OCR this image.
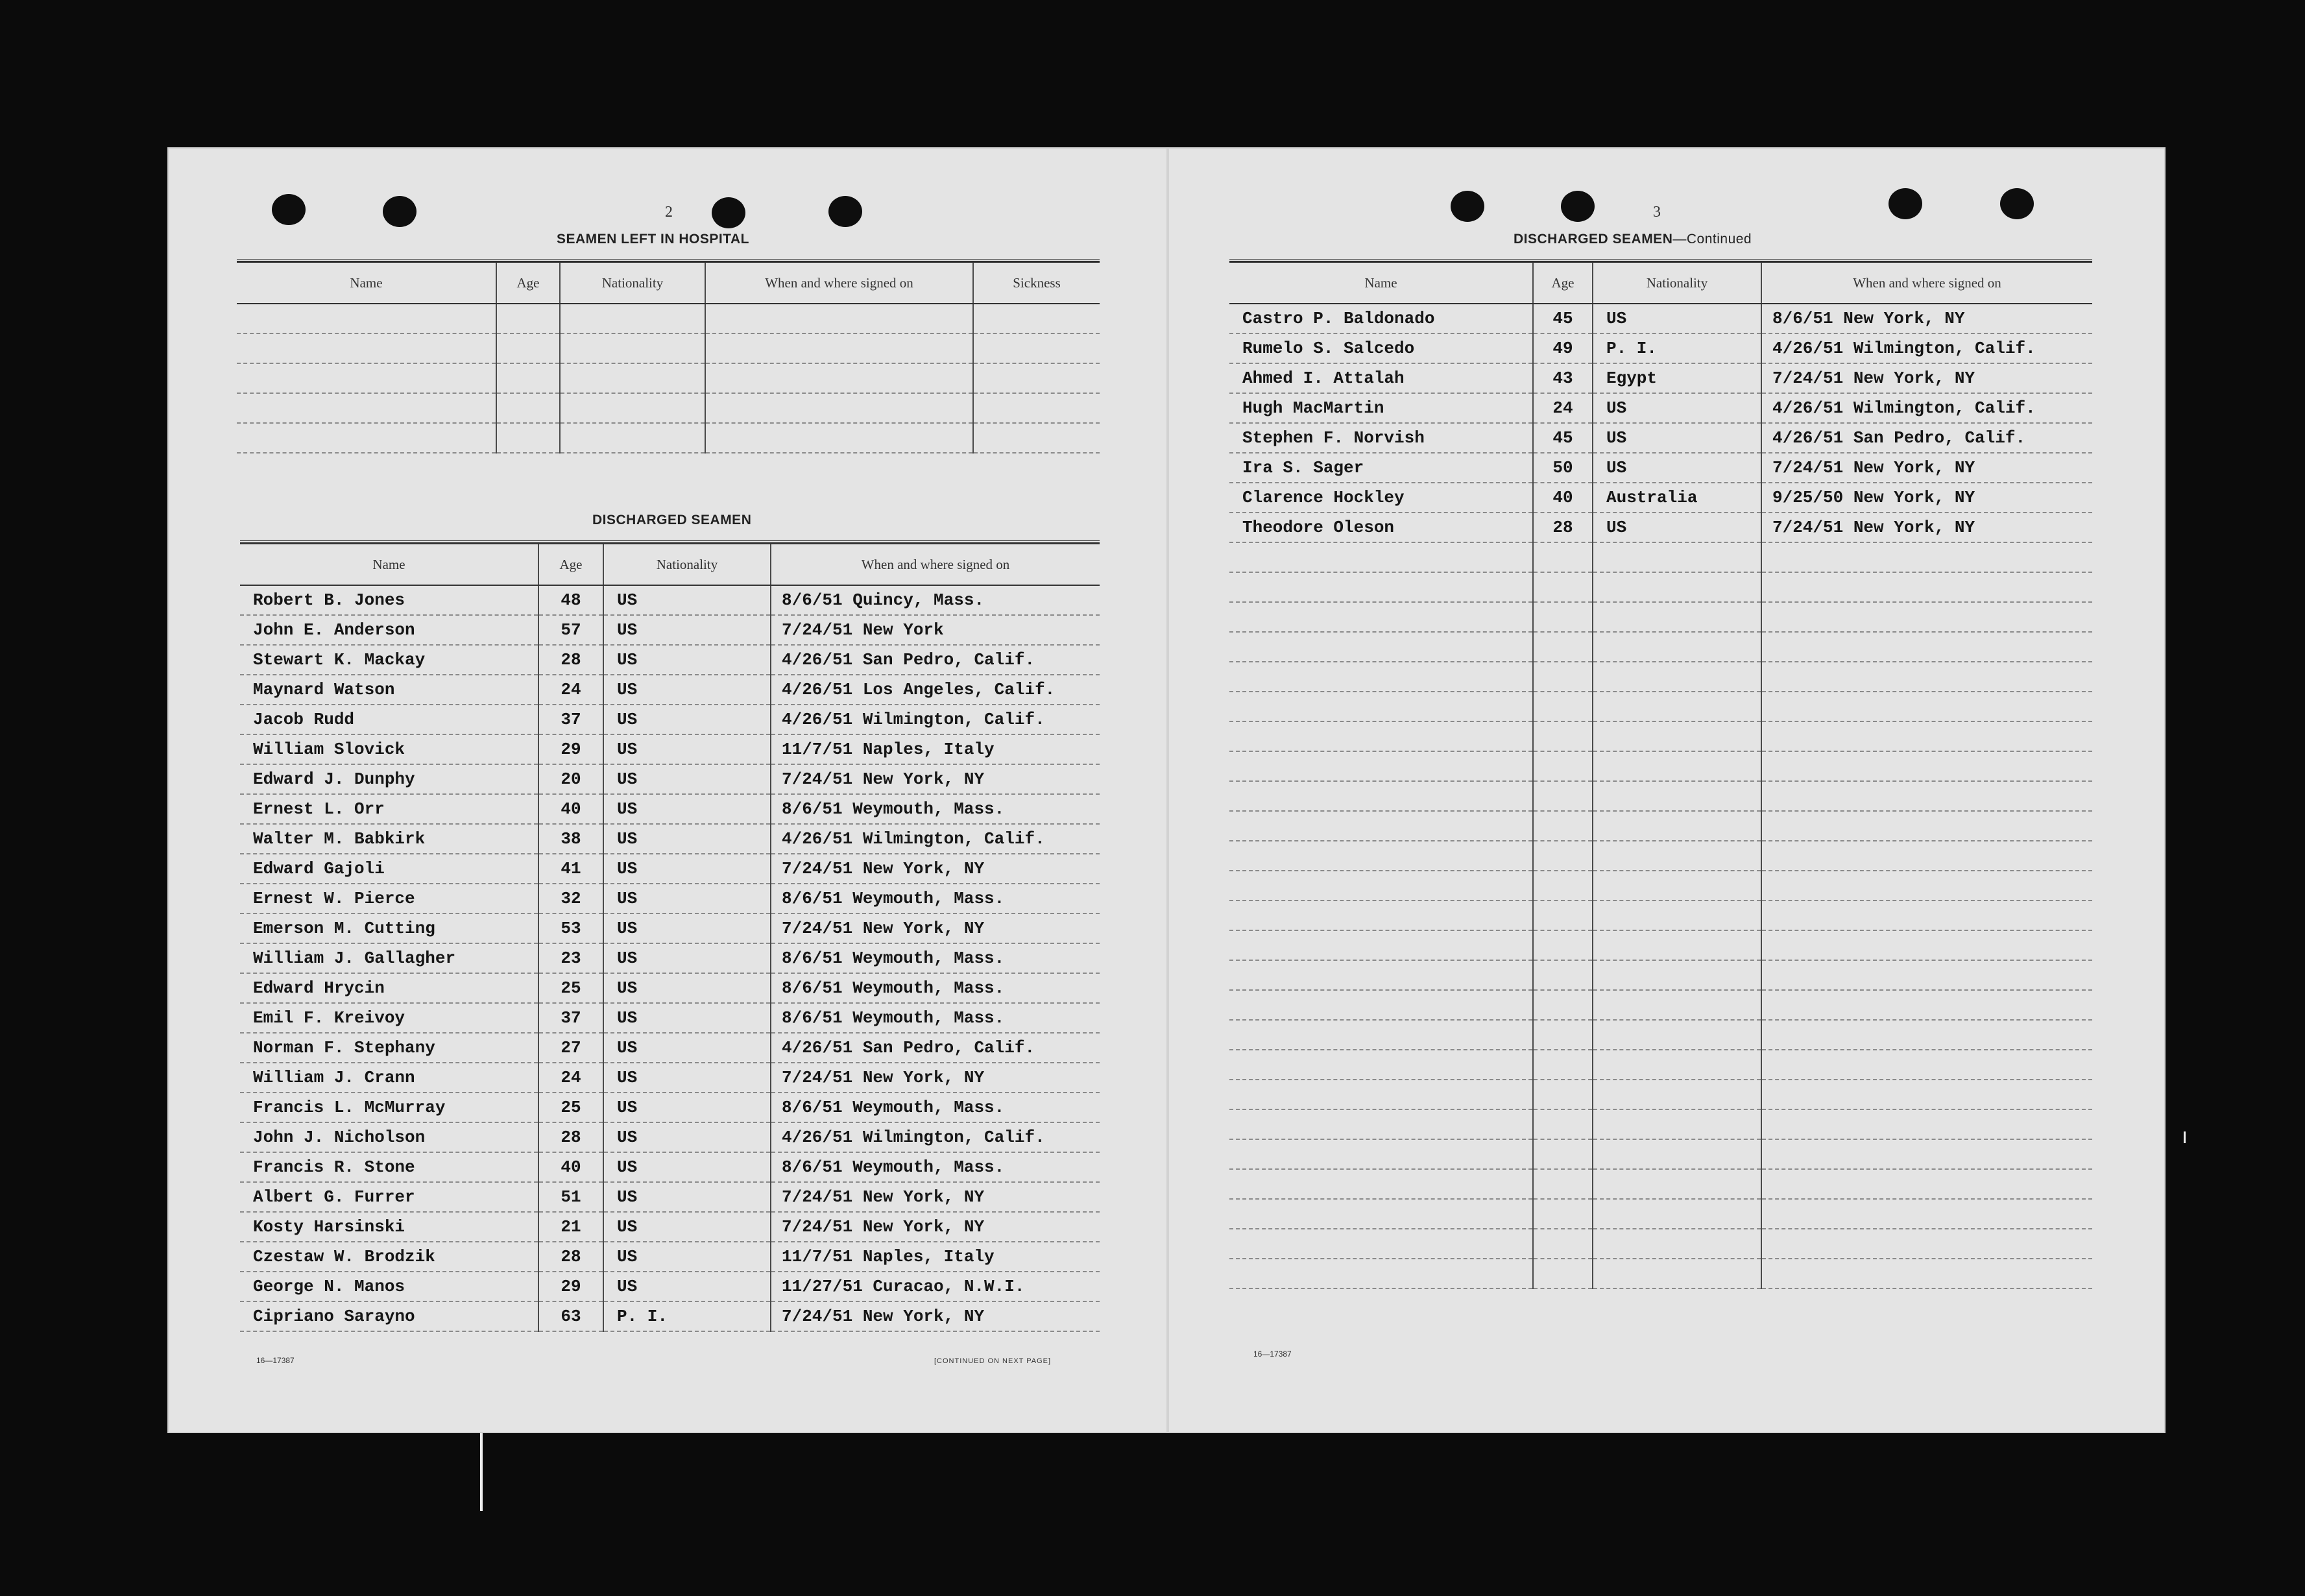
2
SEAMEN LEFT IN HOSPITAL

Name	Age	Nationality	When and where signed on	Sickness

DISCHARGED SEAMEN

Name	Age	Nationality	When and where signed on
Robert B. Jones	48	US	8/6/51 Quincy, Mass.
John E. Anderson	57	US	7/24/51 New York
Stewart K. Mackay	28	US	4/26/51 San Pedro, Calif.
Maynard Watson	24	US	4/26/51 Los Angeles, Calif.
Jacob Rudd	37	US	4/26/51 Wilmington, Calif.
William Slovick	29	US	11/7/51 Naples, Italy
Edward J. Dunphy	20	US	7/24/51 New York, NY
Ernest L. Orr	40	US	8/6/51 Weymouth, Mass.
Walter M. Babkirk	38	US	4/26/51 Wilmington, Calif.
Edward Gajoli	41	US	7/24/51 New York, NY
Ernest W. Pierce	32	US	8/6/51 Weymouth, Mass.
Emerson M. Cutting	53	US	7/24/51 New York, NY
William J. Gallagher	23	US	8/6/51 Weymouth, Mass.
Edward Hrycin	25	US	8/6/51 Weymouth, Mass.
Emil F. Kreivoy	37	US	8/6/51 Weymouth, Mass.
Norman F. Stephany	27	US	4/26/51 San Pedro, Calif.
William J. Crann	24	US	7/24/51 New York, NY
Francis L. McMurray	25	US	8/6/51 Weymouth, Mass.
John J. Nicholson	28	US	4/26/51 Wilmington, Calif.
Francis R. Stone	40	US	8/6/51 Weymouth, Mass.
Albert G. Furrer	51	US	7/24/51 New York, NY
Kosty Harsinski	21	US	7/24/51 New York, NY
Czestaw W. Brodzik	28	US	11/7/51 Naples, Italy
George N. Manos	29	US	11/27/51 Curacao, N.W.I.
Cipriano Sarayno	63	P. I.	7/24/51 New York, NY
16—17387	[CONTINUED ON NEXT PAGE]
3
DISCHARGED SEAMEN—Continued

Name	Age	Nationality	When and where signed on
Castro P. Baldonado	45	US	8/6/51 New York, NY
Rumelo S. Salcedo	49	P. I.	4/26/51 Wilmington, Calif.
Ahmed I. Attalah	43	Egypt	7/24/51 New York, NY
Hugh MacMartin	24	US	4/26/51 Wilmington, Calif.
Stephen F. Norvish	45	US	4/26/51 San Pedro, Calif.
Ira S. Sager	50	US	7/24/51 New York, NY
Clarence Hockley	40	Australia	9/25/50 New York, NY
Theodore Oleson	28	US	7/24/51 New York, NY

16—17387
